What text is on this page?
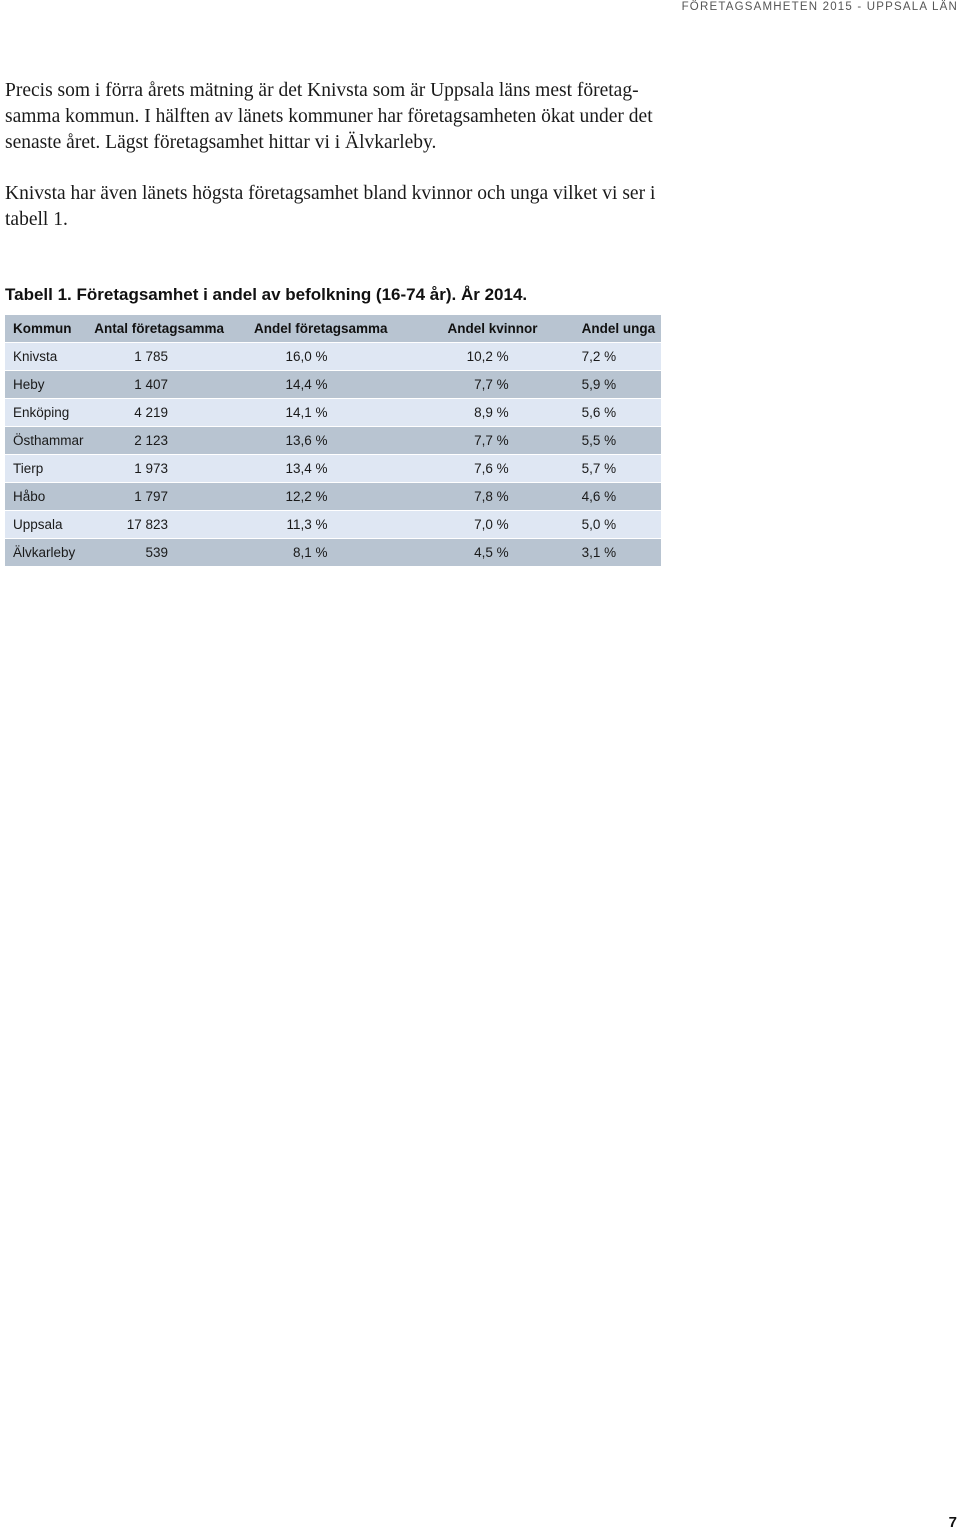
FÖRETAGSAMHETEN 2015 - UPPSALA LÄN

Precis som i förra årets mätning är det Knivsta som är Uppsala läns mest företag-
samma kommun. I hälften av länets kommuner har företagsamheten ökat under det
senaste året. Lägst företagsamhet hittar vi i Älvkarleby.

Knivsta har även länets högsta företagsamhet bland kvinnor och unga vilket vi ser i
tabell 1.

Tabell 1. Företagsamhet i andel av befolkning (16-74 år). År 2014.
Kommun	Antal företagsamma	Andel företagsamma	Andel kvinnor	Andel unga
Knivsta	1 785	16,0 %	10,2 %	7,2 %
Heby	1 407	14,4 %	7,7 %	5,9 %
Enköping	4 219	14,1 %	8,9 %	5,6 %
Östhammar	2 123	13,6 %	7,7 %	5,5 %
Tierp	1 973	13,4 %	7,6 %	5,7 %
Håbo	1 797	12,2 %	7,8 %	4,6 %
Uppsala	17 823	11,3 %	7,0 %	5,0 %
Älvkarleby	539	8,1 %	4,5 %	3,1 %
7
